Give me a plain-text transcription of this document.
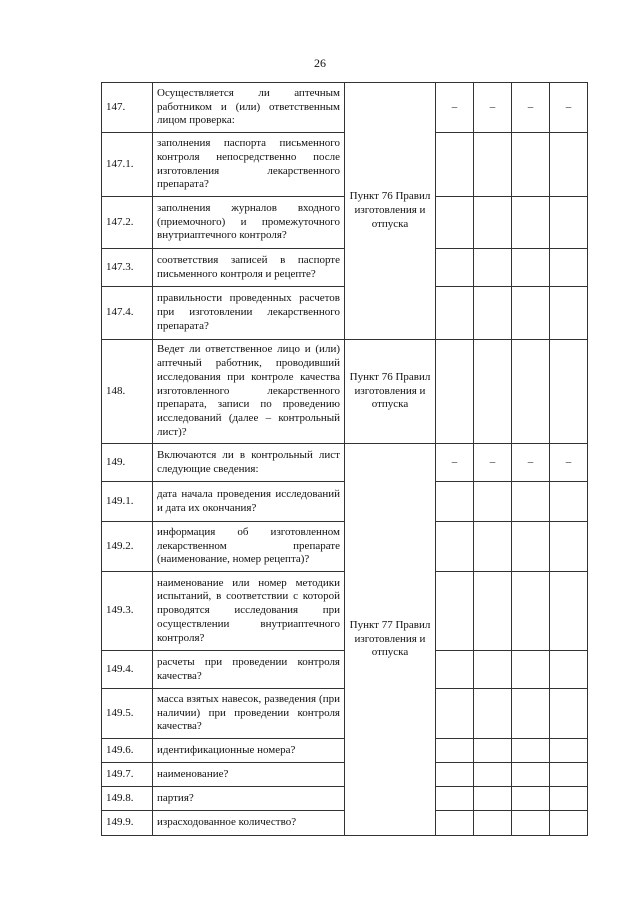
26
147.	Осуществляется ли аптечным работником и (или) ответственным лицом проверка:	Пункт 76 Правил изготовления и отпуска	–	–	–	–
147.1.	заполнения паспорта письменного контроля непосредственно после изготовления лекарственного препарата?					
147.2.	заполнения журналов входного (приемочного) и промежуточного внутриаптечного контроля?					
147.3.	соответствия записей в паспорте письменного контроля и рецепте?					
147.4.	правильности проведенных расчетов при изготовлении лекарственного препарата?					
148.	Ведет ли ответственное лицо и (или) аптечный работник, проводивший исследования при контроле качества изготовленного лекарственного препарата, записи по проведению исследований (далее – контрольный лист)?	Пункт 76 Правил изготовления и отпуска				
149.	Включаются ли в контрольный лист следующие сведения:	Пункт 77 Правил изготовления и отпуска	–	–	–	–
149.1.	дата начала проведения исследований и дата их окончания?					
149.2.	информация об изготовленном лекарственном препарате (наименование, номер рецепта)?					
149.3.	наименование или номер методики испытаний, в соответствии с которой проводятся исследования при осуществлении внутриаптечного контроля?					
149.4.	расчеты при проведении контроля качества?					
149.5.	масса взятых навесок, разведения (при наличии) при проведении контроля качества?					
149.6.	идентификационные номера?					
149.7.	наименование?					
149.8.	партия?					
149.9.	израсходованное количество?					
